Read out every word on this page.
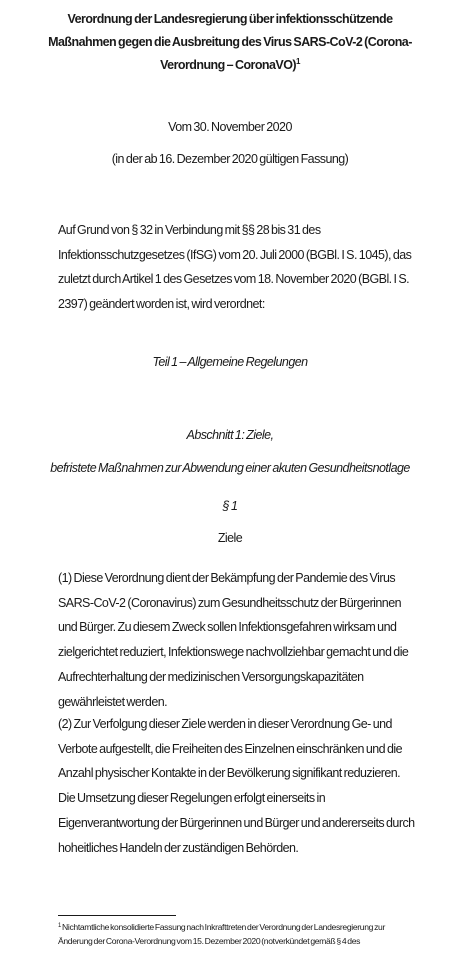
Verordnung der Landesregierung über infektionsschützende Maßnahmen gegen die Ausbreitung des Virus SARS-CoV-2 (Corona-Verordnung – CoronaVO)$^1$
Vom 30. November 2020
(in der ab 16. Dezember 2020 gültigen Fassung)
Auf Grund von § 32 in Verbindung mit §§ 28 bis 31 des Infektionsschutzgesetzes (IfSG) vom 20. Juli 2000 (BGBl. I S. 1045), das zuletzt durch Artikel 1 des Gesetzes vom 18. November 2020 (BGBl. I S. 2397) geändert worden ist, wird verordnet:
Teil 1 – Allgemeine Regelungen
Abschnitt 1: Ziele,
befristete Maßnahmen zur Abwendung einer akuten Gesundheitsnotlage
§ 1
Ziele
(1) Diese Verordnung dient der Bekämpfung der Pandemie des Virus SARS-CoV-2 (Coronavirus) zum Gesundheitsschutz der Bürgerinnen und Bürger. Zu diesem Zweck sollen Infektionsgefahren wirksam und zielgerichtet reduziert, Infektionswege nachvollziehbar gemacht und die Aufrechterhaltung der medizinischen Versorgungskapazitäten gewährleistet werden.
(2) Zur Verfolgung dieser Ziele werden in dieser Verordnung Ge- und Verbote aufgestellt, die Freiheiten des Einzelnen einschränken und die Anzahl physischer Kontakte in der Bevölkerung signifikant reduzieren. Die Umsetzung dieser Regelungen erfolgt einerseits in Eigenverantwortung der Bürgerinnen und Bürger und andererseits durch hoheitliches Handeln der zuständigen Behörden.
$^1$ Nichtamtliche konsolidierte Fassung nach Inkrafttreten der Verordnung der Landesregierung zur Änderung der Corona-Verordnung vom 15. Dezember 2020 (notverkündet gemäß § 4 des
